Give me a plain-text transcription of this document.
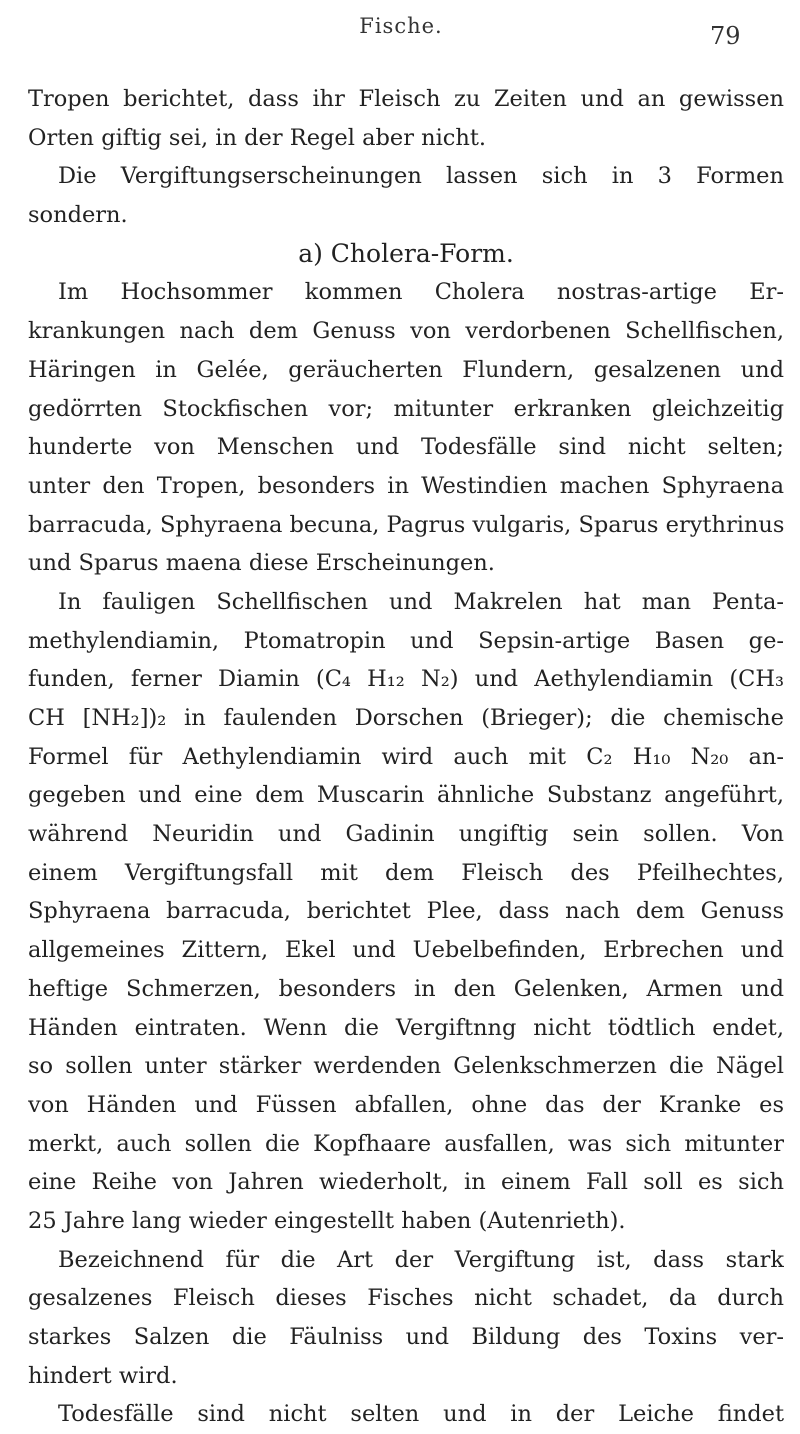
Fische.	79
Tropen berichtet, dass ihr Fleisch zu Zeiten und an gewissen
Orten giftig sei, in der Regel aber nicht.
Die Vergiftungserscheinungen lassen sich in 3 Formen
sondern.
a) Cholera-Form.
Im Hochsommer kommen Cholera nostras-artige Er-
krankungen nach dem Genuss von verdorbenen Schellfischen,
Häringen in Gelée, geräucherten Flundern, gesalzenen und
gedörrten Stockfischen vor; mitunter erkranken gleichzeitig
hunderte von Menschen und Todesfälle sind nicht selten;
unter den Tropen, besonders in Westindien machen Sphyraena
barracuda, Sphyraena becuna, Pagrus vulgaris, Sparus erythrinus
und Sparus maena diese Erscheinungen.
In fauligen Schellfischen und Makrelen hat man Penta-
methylendiamin, Ptomatropin und Sepsin-artige Basen ge-
funden, ferner Diamin (C₄ H₁₂ N₂) und Aethylendiamin (CH₃
CH [NH₂])₂ in faulenden Dorschen (Brieger); die chemische
Formel für Aethylendiamin wird auch mit C₂ H₁₀ N₂₀ an-
gegeben und eine dem Muscarin ähnliche Substanz angeführt,
während Neuridin und Gadinin ungiftig sein sollen. Von
einem Vergiftungsfall mit dem Fleisch des Pfeilhechtes,
Sphyraena barracuda, berichtet Plee, dass nach dem Genuss
allgemeines Zittern, Ekel und Uebelbefinden, Erbrechen und
heftige Schmerzen, besonders in den Gelenken, Armen und
Händen eintraten. Wenn die Vergiftnng nicht tödtlich endet,
so sollen unter stärker werdenden Gelenkschmerzen die Nägel
von Händen und Füssen abfallen, ohne das der Kranke es
merkt, auch sollen die Kopfhaare ausfallen, was sich mitunter
eine Reihe von Jahren wiederholt, in einem Fall soll es sich
25 Jahre lang wieder eingestellt haben (Autenrieth).
Bezeichnend für die Art der Vergiftung ist, dass stark
gesalzenes Fleisch dieses Fisches nicht schadet, da durch
starkes Salzen die Fäulniss und Bildung des Toxins ver-
hindert wird.
Todesfälle sind nicht selten und in der Leiche findet
